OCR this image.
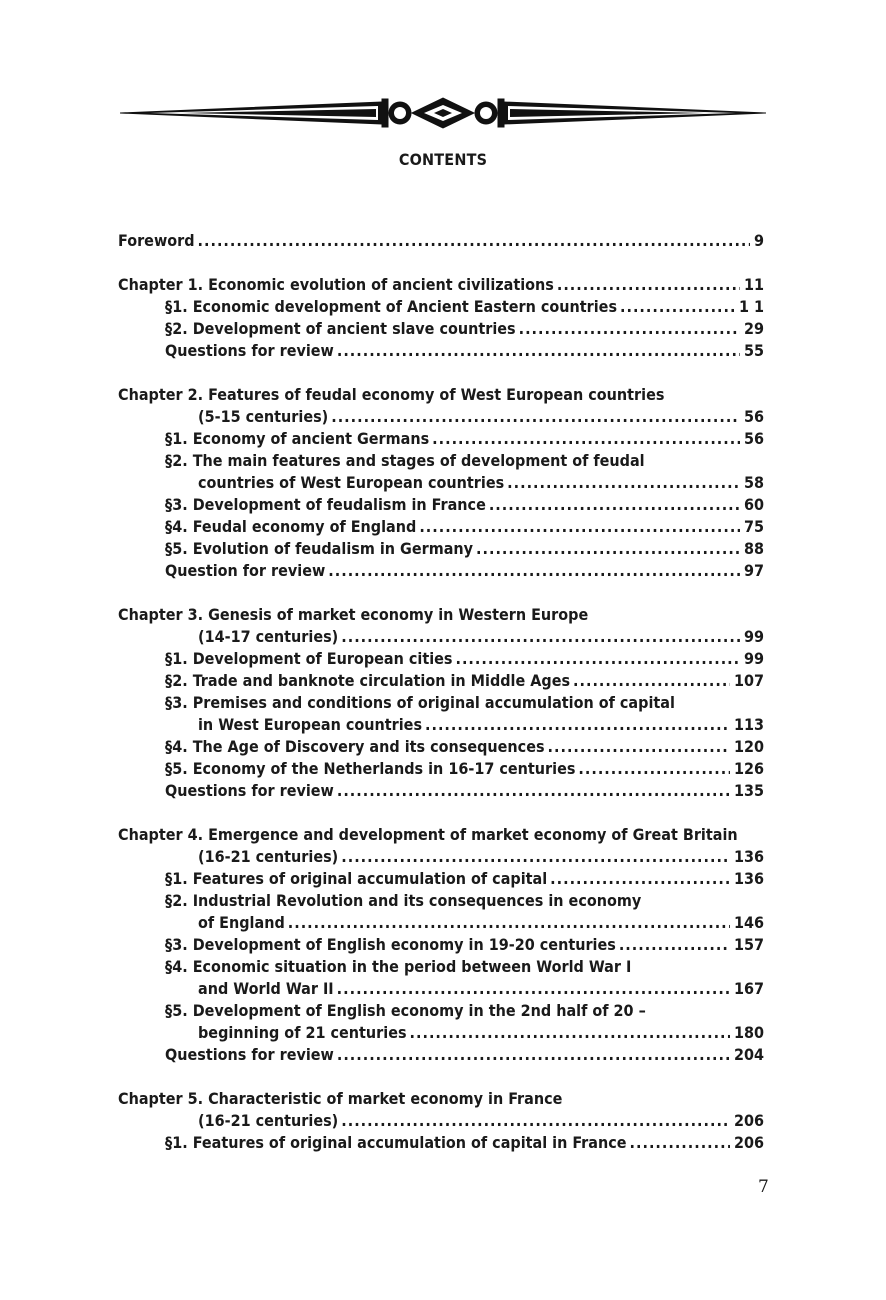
CONTENTS
Foreword .....	9
Chapter 1. Economic evolution of ancient civilizations .....	11
§1. Economic development of Ancient Eastern countries .....	1 1
§2. Development of ancient slave countries .....	29
Questions for review .....	55
Chapter 2. Features of feudal economy of West European countries
(5-15 centuries) .....	56
§1. Economy of ancient Germans .....	56
§2. The main features and stages of development of feudal
countries of West European countries .....	58
§3. Development of feudalism in France .....	60
§4. Feudal economy of England .....	75
§5. Evolution of feudalism in Germany .....	88
Question for review .....	97
Chapter 3. Genesis of market economy in Western Europe
(14-17 centuries) .....	99
§1. Development of European cities .....	99
§2. Trade and banknote circulation in Middle Ages .....	107
§3. Premises and conditions of original accumulation of capital
in West European countries .....	113
§4. The Age of Discovery and its consequences .....	120
§5. Economy of the Netherlands in 16-17 centuries .....	126
Questions for review .....	135
Chapter 4. Emergence and development of market economy of Great Britain
(16-21 centuries) .....	136
§1. Features of original accumulation of capital .....	136
§2. Industrial Revolution and its consequences in economy
of England .....	146
§3. Development of English economy in 19-20 centuries .....	157
§4. Economic situation in the period between World War I
and World War II .....	167
§5. Development of English economy in the 2nd half of 20 –
beginning of 21 centuries .....	180
Questions for review .....	204
Chapter 5. Characteristic of market economy in France
(16-21 centuries) .....	206
§1. Features of original accumulation of capital in France .....	206
7
